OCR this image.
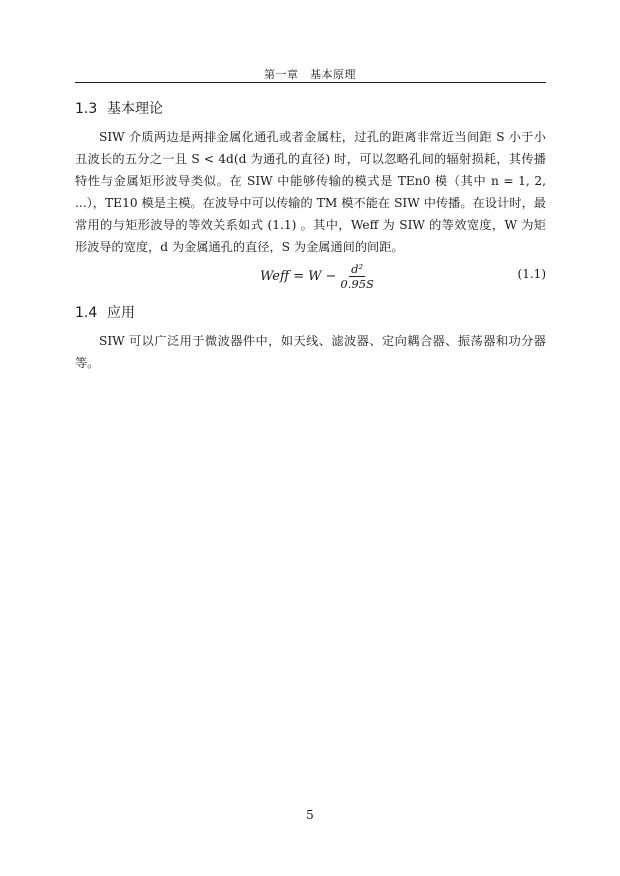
第一章　基本原理
1.3 基本理论

SIW 介质两边是两排金属化通孔或者金属柱，过孔的距离非常近当间距 S 小于小丑波长的五分之一且 S < 4d(d 为通孔的直径) 时，可以忽略孔间的辐射损耗，其传播特性与金属矩形波导类似。在 SIW 中能够传输的模式是 TEn0 模（其中 n = 1, 2, ...），TE10 模是主模。在波导中可以传输的 TM 模不能在 SIW 中传播。在设计时，最常用的与矩形波导的等效关系如式 (1.1) 。其中，Weff 为 SIW 的等效宽度，W 为矩形波导的宽度，d 为金属通孔的直径，S 为金属通间的间距。

Weff = $W - \frac{\text{d²}}{0.95S}$	(1.1)
1.4 应用

SIW 可以广泛用于微波器件中，如天线、滤波器、定向耦合器、振荡器和功分器等。

5
